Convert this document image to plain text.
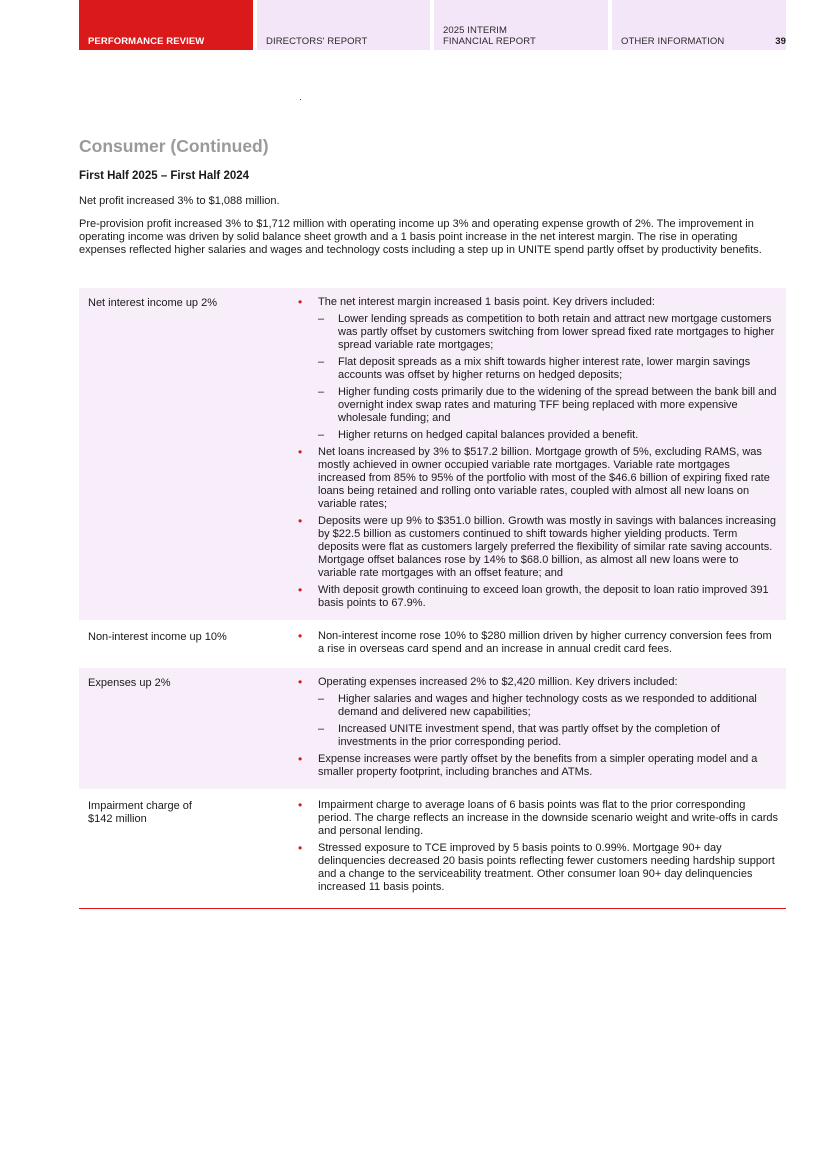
PERFORMANCE REVIEW	DIRECTORS' REPORT
2025 INTERIM
FINANCIAL REPORT	OTHER INFORMATION	39
Consumer (Continued)

First Half 2025 – First Half 2024

Net profit increased 3% to $1,088 million.

Pre-provision profit increased 3% to $1,712 million with operating income up 3% and operating expense growth of 2%. The improvement in operating income was driven by solid balance sheet growth and a 1 basis point increase in the net interest margin. The rise in operating expenses reflected higher salaries and wages and technology costs including a step up in UNITE spend partly offset by productivity benefits.

Net interest income up 2%	• The net interest margin increased 1 basis point. Key drivers included:
– Lower lending spreads as competition to both retain and attract new mortgage customers was partly offset by customers switching from lower spread fixed rate mortgages to higher spread variable rate mortgages;
– Flat deposit spreads as a mix shift towards higher interest rate, lower margin savings accounts was offset by higher returns on hedged deposits;
– Higher funding costs primarily due to the widening of the spread between the bank bill and overnight index swap rates and maturing TFF being replaced with more expensive wholesale funding; and
– Higher returns on hedged capital balances provided a benefit.
• Net loans increased by 3% to $517.2 billion. Mortgage growth of 5%, excluding RAMS, was mostly achieved in owner occupied variable rate mortgages. Variable rate mortgages increased from 85% to 95% of the portfolio with most of the $46.6 billion of expiring fixed rate loans being retained and rolling onto variable rates, coupled with almost all new loans on variable rates;
• Deposits were up 9% to $351.0 billion. Growth was mostly in savings with balances increasing by $22.5 billion as customers continued to shift towards higher yielding products. Term deposits were flat as customers largely preferred the flexibility of similar rate saving accounts. Mortgage offset balances rose by 14% to $68.0 billion, as almost all new loans were to variable rate mortgages with an offset feature; and
• With deposit growth continuing to exceed loan growth, the deposit to loan ratio improved 391 basis points to 67.9%.
Non-interest income up 10%	• Non-interest income rose 10% to $280 million driven by higher currency conversion fees from a rise in overseas card spend and an increase in annual credit card fees.
Expenses up 2%	• Operating expenses increased 2% to $2,420 million. Key drivers included:
– Higher salaries and wages and higher technology costs as we responded to additional demand and delivered new capabilities;
– Increased UNITE investment spend, that was partly offset by the completion of investments in the prior corresponding period.
• Expense increases were partly offset by the benefits from a simpler operating model and a smaller property footprint, including branches and ATMs.
Impairment charge of
$142 million
• Impairment charge to average loans of 6 basis points was flat to the prior corresponding period. The charge reflects an increase in the downside scenario weight and write-offs in cards and personal lending.
• Stressed exposure to TCE improved by 5 basis points to 0.99%. Mortgage 90+ day delinquencies decreased 20 basis points reflecting fewer customers needing hardship support and a change to the serviceability treatment. Other consumer loan 90+ day delinquencies increased 11 basis points.
